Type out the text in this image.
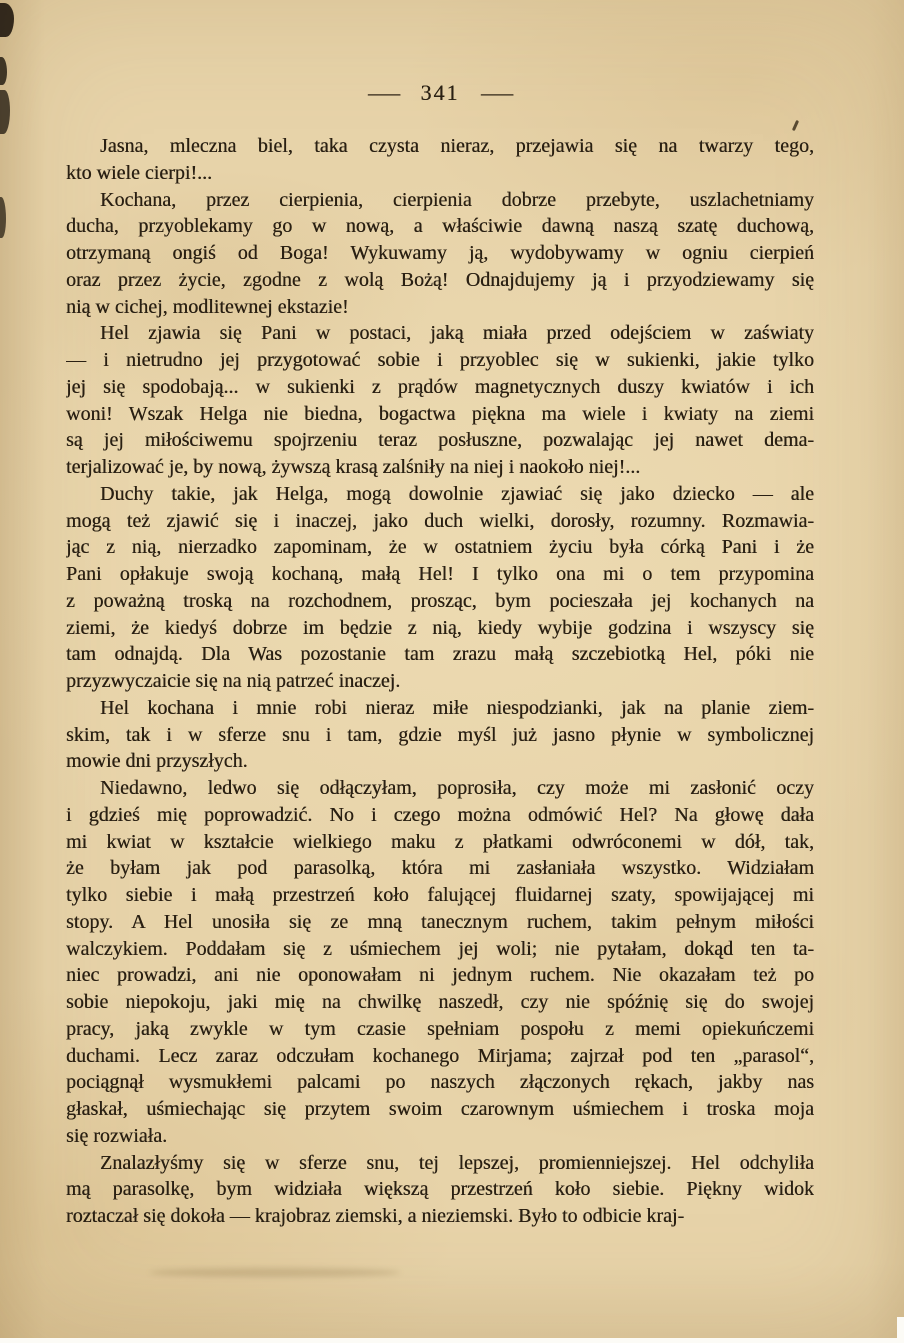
— 341 —
Jasna, mleczna biel, taka czysta nieraz, przejawia się na twarzy tego,
kto wiele cierpi!...
Kochana, przez cierpienia, cierpienia dobrze przebyte, uszlachetniamy
ducha, przyoblekamy go w nową, a właściwie dawną naszą szatę duchową,
otrzymaną ongiś od Boga! Wykuwamy ją, wydobywamy w ogniu cierpień
oraz przez życie, zgodne z wolą Bożą! Odnajdujemy ją i przyodziewamy się
nią w cichej, modlitewnej ekstazie!
Hel zjawia się Pani w postaci, jaką miała przed odejściem w zaświaty
— i nietrudno jej przygotować sobie i przyoblec się w sukienki, jakie tylko
jej się spodobają... w sukienki z prądów magnetycznych duszy kwiatów i ich
woni! Wszak Helga nie biedna, bogactwa piękna ma wiele i kwiaty na ziemi
są jej miłościwemu spojrzeniu teraz posłuszne, pozwalając jej nawet dema-
terjalizować je, by nową, żywszą krasą zalśniły na niej i naokoło niej!...
Duchy takie, jak Helga, mogą dowolnie zjawiać się jako dziecko — ale
mogą też zjawić się i inaczej, jako duch wielki, dorosły, rozumny. Rozmawia-
jąc z nią, nierzadko zapominam, że w ostatniem życiu była córką Pani i że
Pani opłakuje swoją kochaną, małą Hel! I tylko ona mi o tem przypomina
z poważną troską na rozchodnem, prosząc, bym pocieszała jej kochanych na
ziemi, że kiedyś dobrze im będzie z nią, kiedy wybije godzina i wszyscy się
tam odnajdą. Dla Was pozostanie tam zrazu małą szczebiotką Hel, póki nie
przyzwyczaicie się na nią patrzeć inaczej.
Hel kochana i mnie robi nieraz miłe niespodzianki, jak na planie ziem-
skim, tak i w sferze snu i tam, gdzie myśl już jasno płynie w symbolicznej
mowie dni przyszłych.
Niedawno, ledwo się odłączyłam, poprosiła, czy może mi zasłonić oczy
i gdzieś mię poprowadzić. No i czego można odmówić Hel? Na głowę dała
mi kwiat w kształcie wielkiego maku z płatkami odwróconemi w dół, tak,
że byłam jak pod parasolką, która mi zasłaniała wszystko. Widziałam
tylko siebie i małą przestrzeń koło falującej fluidarnej szaty, spowijającej mi
stopy. A Hel unosiła się ze mną tanecznym ruchem, takim pełnym miłości
walczykiem. Poddałam się z uśmiechem jej woli; nie pytałam, dokąd ten ta-
niec prowadzi, ani nie oponowałam ni jednym ruchem. Nie okazałam też po
sobie niepokoju, jaki mię na chwilkę naszedł, czy nie spóźnię się do swojej
pracy, jaką zwykle w tym czasie spełniam pospołu z memi opiekuńczemi
duchami. Lecz zaraz odczułam kochanego Mirjama; zajrzał pod ten „parasol“,
pociągnął wysmukłemi palcami po naszych złączonych rękach, jakby nas
głaskał, uśmiechając się przytem swoim czarownym uśmiechem i troska moja
się rozwiała.
Znalazłyśmy się w sferze snu, tej lepszej, promienniejszej. Hel odchyliła
mą parasolkę, bym widziała większą przestrzeń koło siebie. Piękny widok
roztaczał się dokoła — krajobraz ziemski, a nieziemski. Było to odbicie kraj-
